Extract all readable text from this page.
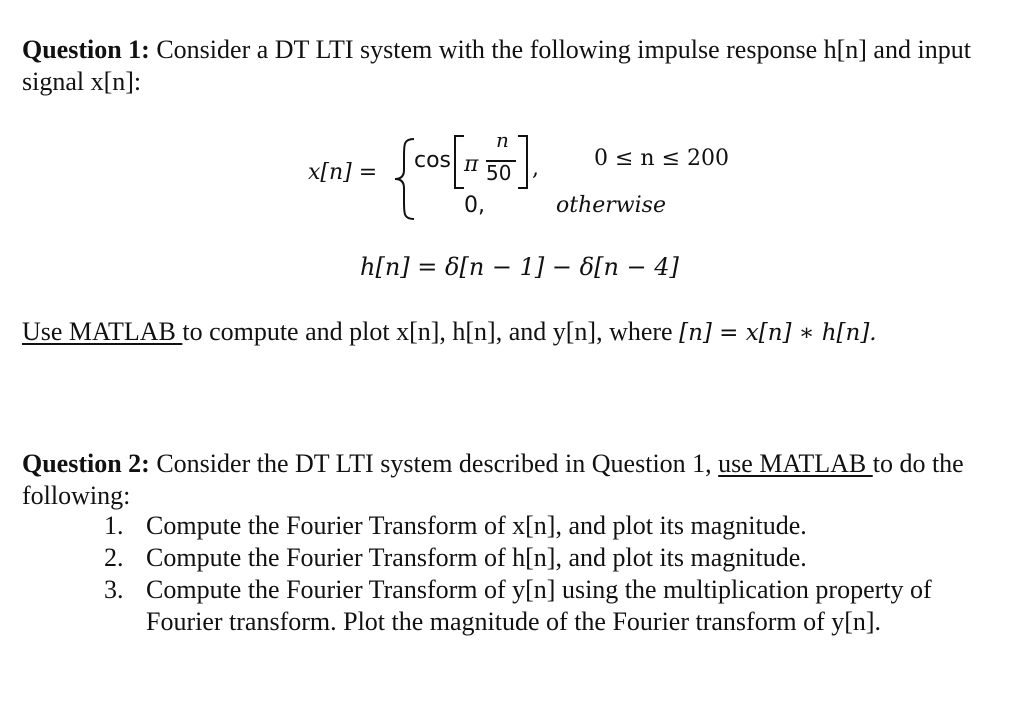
Question 1: Consider a DT LTI system with the following impulse response h[n] and input signal x[n]:

x[n] = cos π
n
50 ,	0 ≤ n ≤ 200
0,	otherwise
h[n] = δ[n − 1] − δ[n − 4]

Use MATLAB to compute and plot x[n], h[n], and y[n], where [n] = x[n] ∗ h[n].

Question 2: Consider the DT LTI system described in Question 1, use MATLAB to do the following:

1. Compute the Fourier Transform of x[n], and plot its magnitude.
2. Compute the Fourier Transform of h[n], and plot its magnitude.
3. Compute the Fourier Transform of y[n] using the multiplication property of Fourier transform. Plot the magnitude of the Fourier transform of y[n].
